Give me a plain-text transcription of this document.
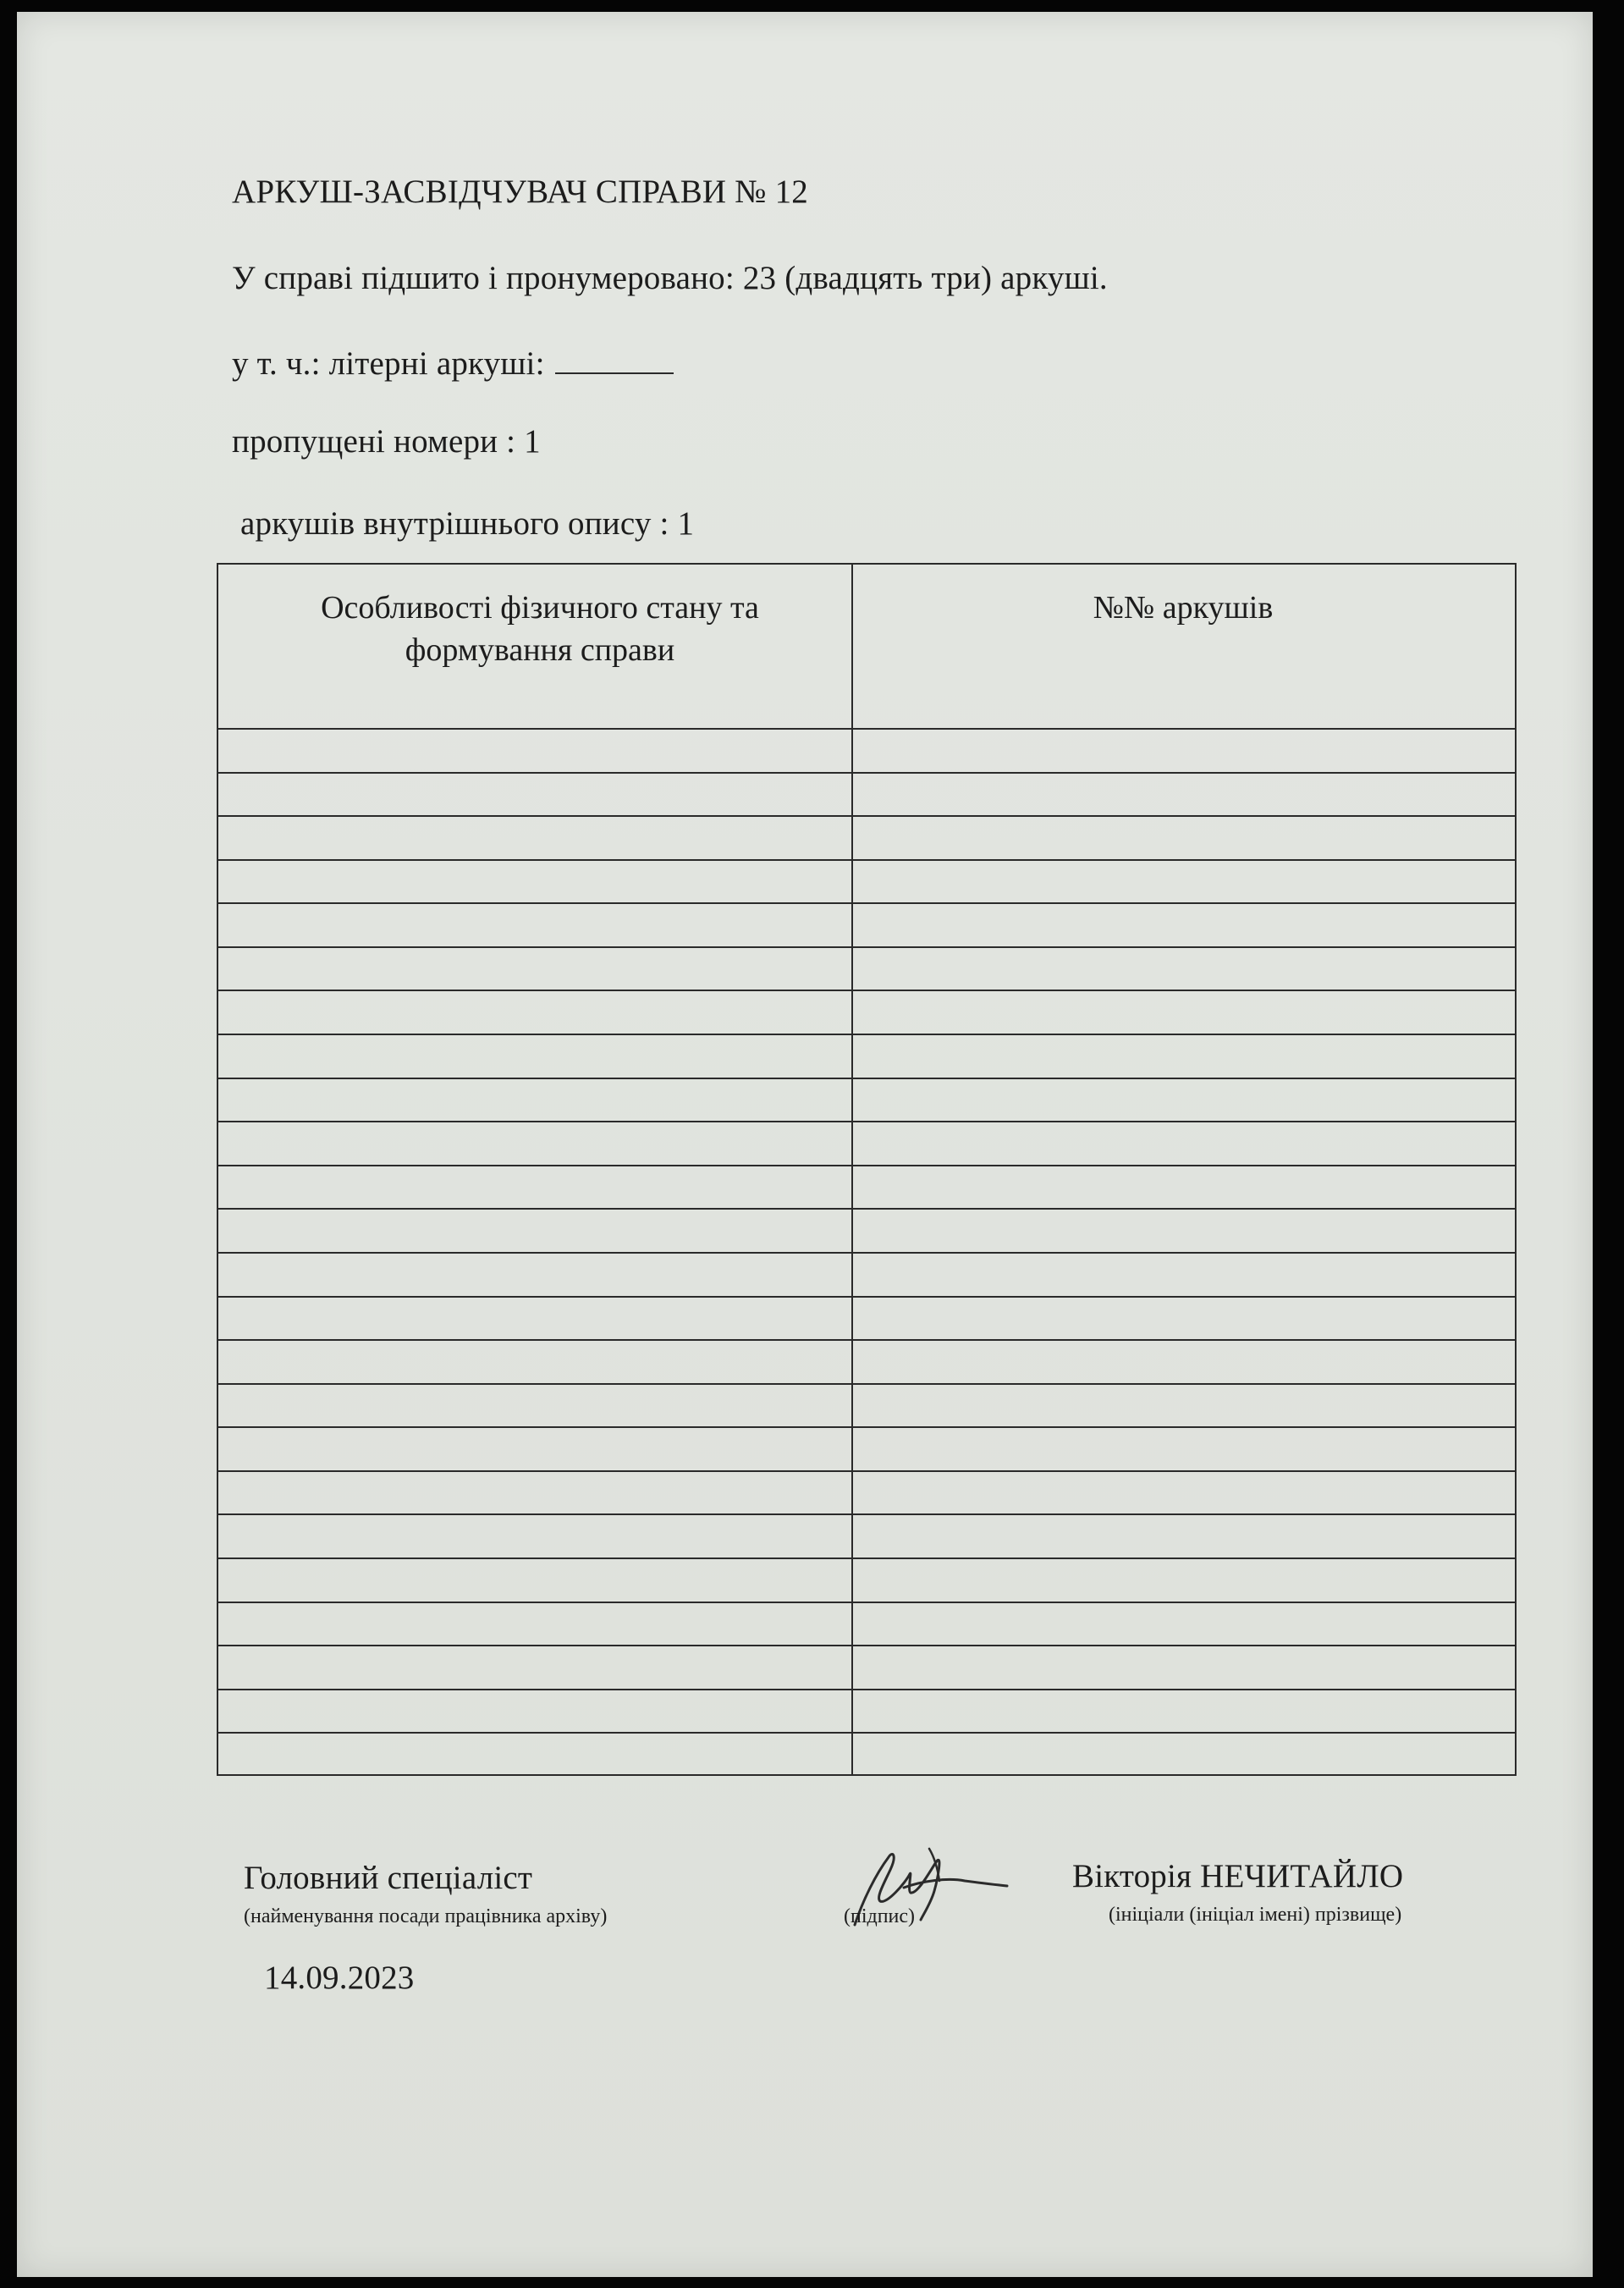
АРКУШ-ЗАСВІДЧУВАЧ СПРАВИ № 12
У справі підшито і пронумеровано: 23 (двадцять три) аркуші.
у т. ч.: літерні аркуші:
пропущені номери : 1
аркушів внутрішнього опису : 1
Особливості фізичного стану та формування справи
№№ аркушів
Головний спеціаліст
(найменування посади працівника архіву)	(підпис)
Вікторія НЕЧИТАЙЛО
(ініціали (ініціал імені) прізвище)
14.09.2023
